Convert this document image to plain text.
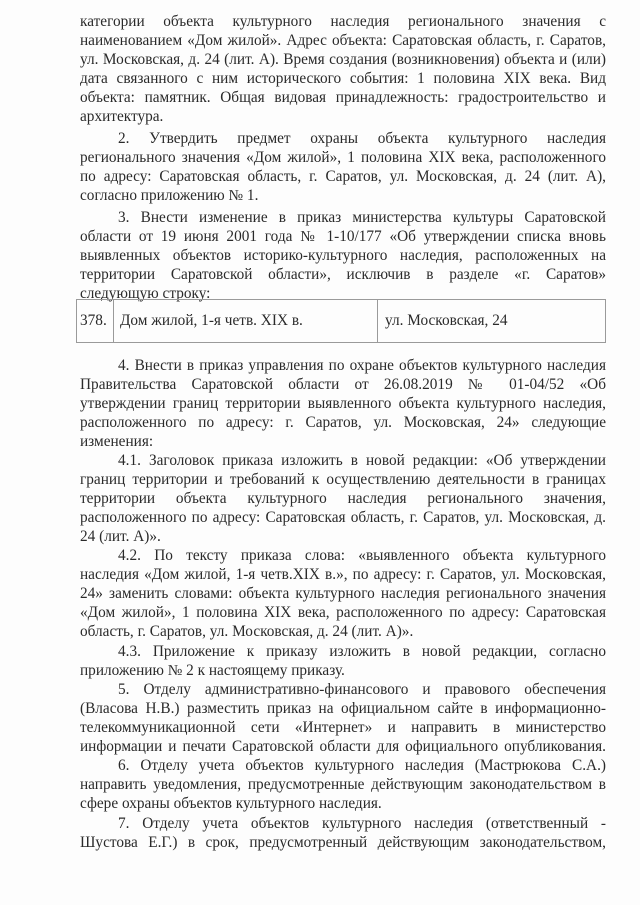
категории объекта культурного наследия регионального значения с
наименованием «Дом жилой». Адрес объекта: Саратовская область, г. Саратов,
ул. Московская, д. 24 (лит. А). Время создания (возникновения) объекта и (или)
дата связанного с ним исторического события: 1 половина XIX века. Вид
объекта: памятник. Общая видовая принадлежность: градостроительство и
архитектура.
2. Утвердить предмет охраны объекта культурного наследия
регионального значения «Дом жилой», 1 половина XIX века, расположенного
по адресу: Саратовская область, г. Саратов, ул. Московская, д. 24 (лит. А),
согласно приложению № 1.
3. Внести изменение в приказ министерства культуры Саратовской
области от 19 июня 2001 года № 1-10/177 «Об утверждении списка вновь
выявленных объектов историко-культурного наследия, расположенных на
территории Саратовской области», исключив в разделе «г. Саратов»
следующую строку:
378. Дом жилой, 1-я четв. XIX в.	ул. Московская, 24
4. Внести в приказ управления по охране объектов культурного наследия
Правительства Саратовской области от 26.08.2019 № 01-04/52 «Об
утверждении границ территории выявленного объекта культурного наследия,
расположенного по адресу: г. Саратов, ул. Московская, 24» следующие
изменения:
4.1. Заголовок приказа изложить в новой редакции: «Об утверждении
границ территории и требований к осуществлению деятельности в границах
территории объекта культурного наследия регионального значения,
расположенного по адресу: Саратовская область, г. Саратов, ул. Московская, д.
24 (лит. А)».
4.2. По тексту приказа слова: «выявленного объекта культурного
наследия «Дом жилой, 1-я четв.XIX в.», по адресу: г. Саратов, ул. Московская,
24» заменить словами: объекта культурного наследия регионального значения
«Дом жилой», 1 половина XIX века, расположенного по адресу: Саратовская
область, г. Саратов, ул. Московская, д. 24 (лит. А)».
4.3. Приложение к приказу изложить в новой редакции, согласно
приложению № 2 к настоящему приказу.
5. Отделу административно-финансового и правового обеспечения
(Власова Н.В.) разместить приказ на официальном сайте в информационно-
телекоммуникационной сети «Интернет» и направить в министерство
информации и печати Саратовской области для официального опубликования.
6. Отделу учета объектов культурного наследия (Мастрюкова С.А.)
направить уведомления, предусмотренные действующим законодательством в
сфере охраны объектов культурного наследия.
7. Отделу учета объектов культурного наследия (ответственный -
Шустова Е.Г.) в срок, предусмотренный действующим законодательством,
